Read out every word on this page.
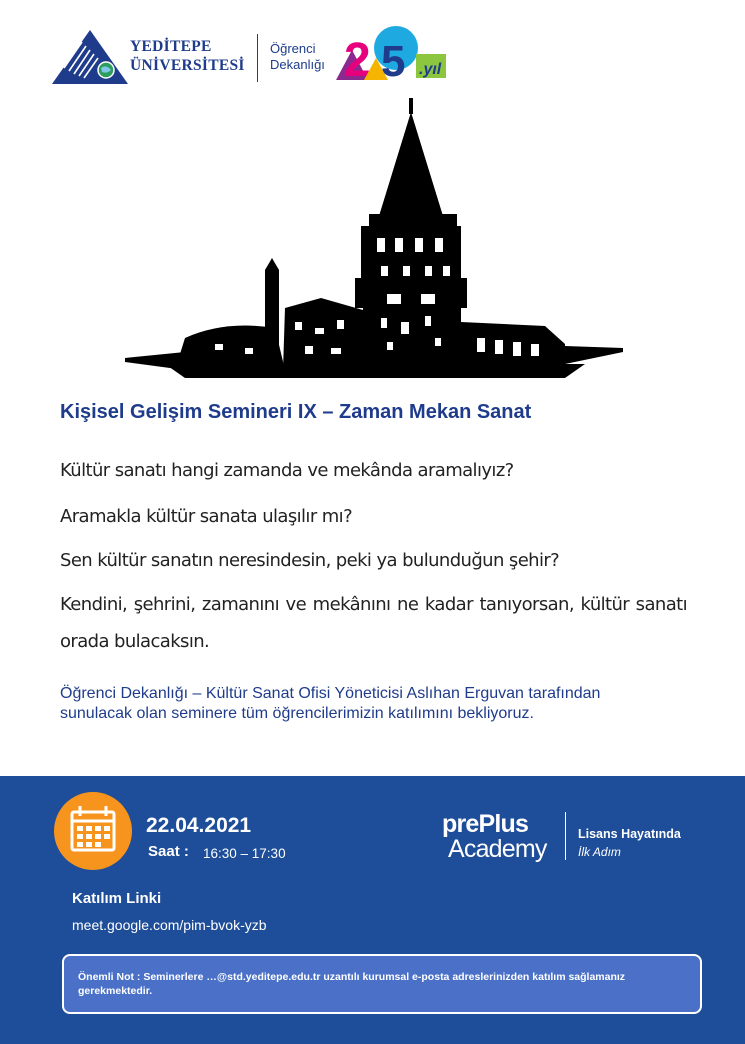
YEDİTEPE
ÜNİVERSİTESİ
Öğrenci
Dekanlığı 2 5 .yıl
Kişisel Gelişim Semineri IX – Zaman Mekan Sanat
Kültür sanatı hangi zamanda ve mekânda aramalıyız?
Aramakla kültür sanata ulaşılır mı?
Sen kültür sanatın neresindesin, peki ya bulunduğun şehir?
Kendini, şehrini, zamanını ve mekânını ne kadar tanıyorsan, kültür sanatı orada bulacaksın.
Öğrenci Dekanlığı – Kültür Sanat Ofisi Yöneticisi Aslıhan Erguvan tarafından sunulacak olan seminere tüm öğrencilerimizin katılımını bekliyoruz.
22.04.2021
Saat : 16:30 – 17:30
prePlus
Academy
Lisans Hayatında
İlk Adım
Katılım Linki
meet.google.com/pim-bvok-yzb
Önemli Not : Seminerlere …@std.yeditepe.edu.tr uzantılı kurumsal e-posta adreslerinizden katılım sağlamanız gerekmektedir.
